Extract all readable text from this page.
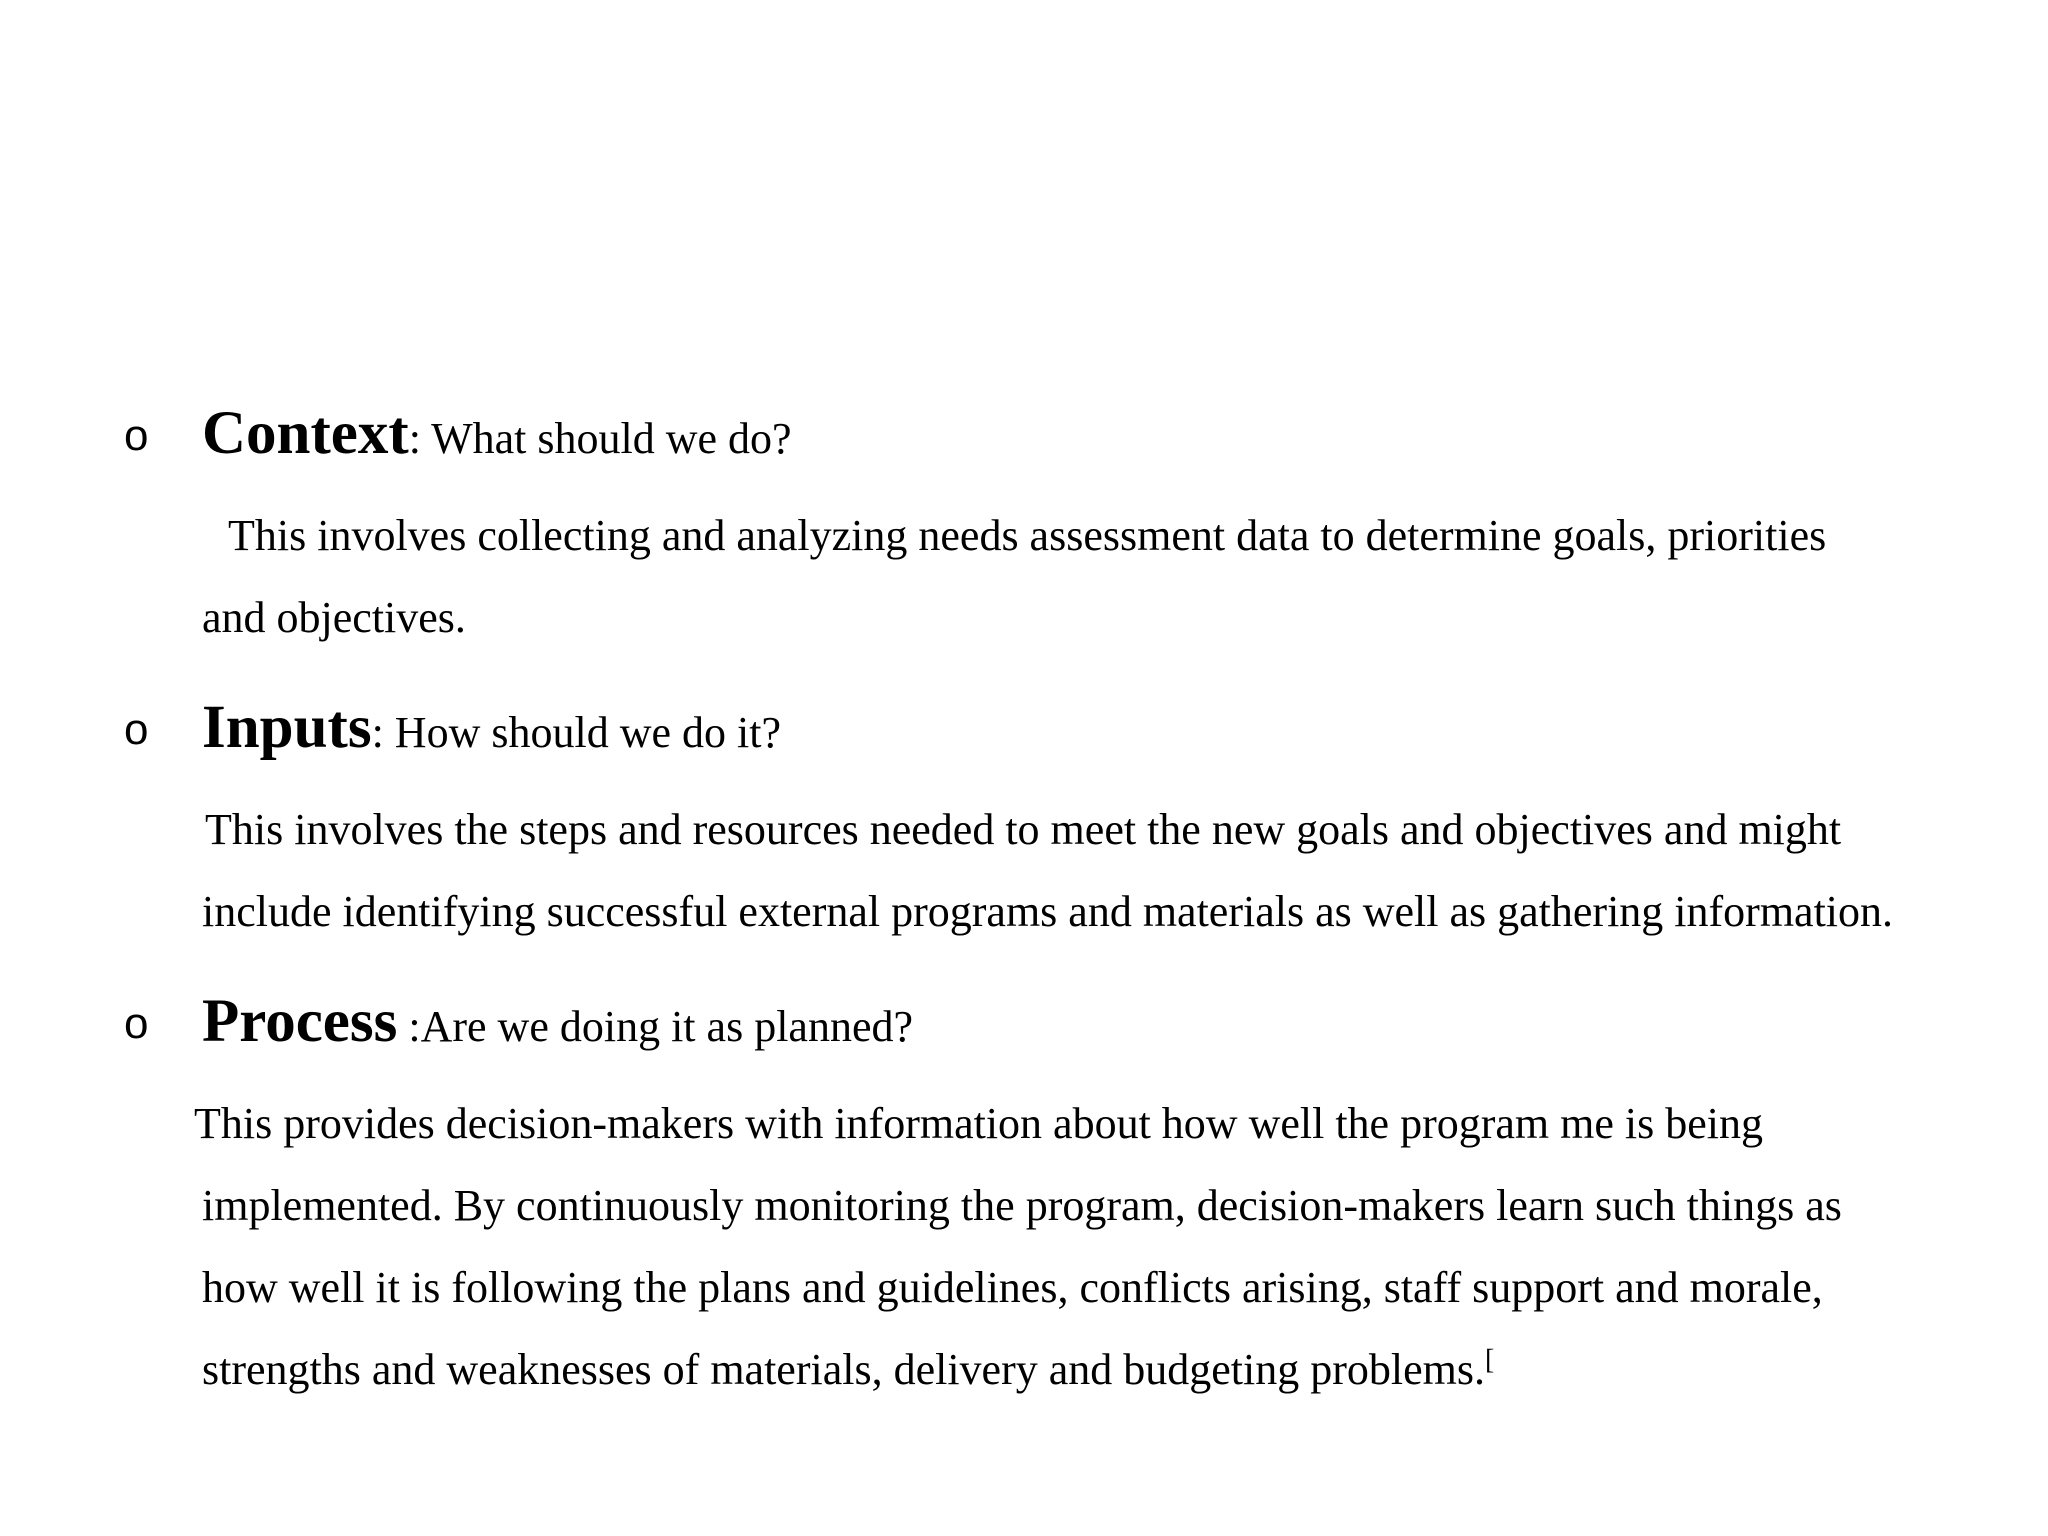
o Context: What should we do?
This involves collecting and analyzing needs assessment data to determine goals, priorities
and objectives.
o Inputs: How should we do it?
This involves the steps and resources needed to meet the new goals and objectives and might
include identifying successful external programs and materials as well as gathering information.
o Process :Are we doing it as planned?
This provides decision-makers with information about how well the program me is being
implemented. By continuously monitoring the program, decision-makers learn such things as
how well it is following the plans and guidelines, conflicts arising, staff support and morale,
strengths and weaknesses of materials, delivery and budgeting problems.[
